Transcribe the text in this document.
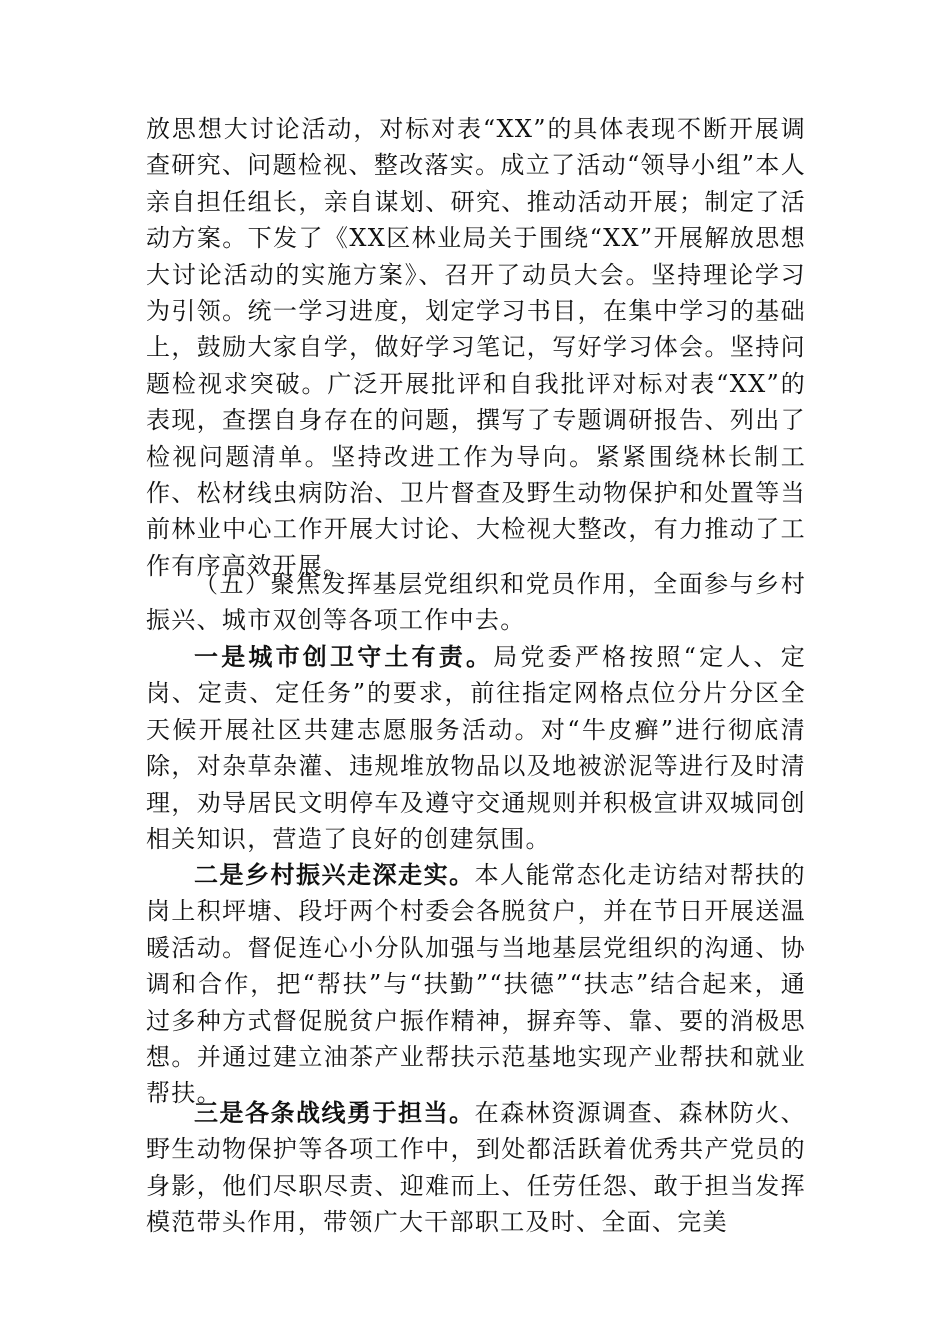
放思想大讨论活动，对标对表“XX”的具体表现不断开展调查研究、问题检视、整改落实。成立了活动“领导小组”本人亲自担任组长，亲自谋划、研究、推动活动开展；制定了活动方案。下发了《XX区林业局关于围绕“XX”开展解放思想大讨论活动的实施方案》、召开了动员大会。坚持理论学习为引领。统一学习进度，划定学习书目，在集中学习的基础上，鼓励大家自学，做好学习笔记，写好学习体会。坚持问题检视求突破。广泛开展批评和自我批评对标对表“XX”的表现，查摆自身存在的问题，撰写了专题调研报告、列出了检视问题清单。坚持改进工作为导向。紧紧围绕林长制工作、松材线虫病防治、卫片督查及野生动物保护和处置等当前林业中心工作开展大讨论、大检视大整改，有力推动了工作有序高效开展。

（五）聚焦发挥基层党组织和党员作用，全面参与乡村振兴、城市双创等各项工作中去。

一是城市创卫守土有责。局党委严格按照“定人、定岗、定责、定任务”的要求，前往指定网格点位分片分区全天候开展社区共建志愿服务活动。对“牛皮癣”进行彻底清除，对杂草杂灌、违规堆放物品以及地被淤泥等进行及时清理，劝导居民文明停车及遵守交通规则并积极宣讲双城同创相关知识，营造了良好的创建氛围。

二是乡村振兴走深走实。本人能常态化走访结对帮扶的岗上积坪塘、段圩两个村委会各脱贫户，并在节日开展送温暖活动。督促连心小分队加强与当地基层党组织的沟通、协调和合作，把“帮扶”与“扶勤”“扶德”“扶志”结合起来，通过多种方式督促脱贫户振作精神，摒弃等、靠、要的消极思想。并通过建立油茶产业帮扶示范基地实现产业帮扶和就业帮扶。

三是各条战线勇于担当。在森林资源调查、森林防火、野生动物保护等各项工作中，到处都活跃着优秀共产党员的身影，他们尽职尽责、迎难而上、任劳任怨、敢于担当发挥模范带头作用，带领广大干部职工及时、全面、完美
